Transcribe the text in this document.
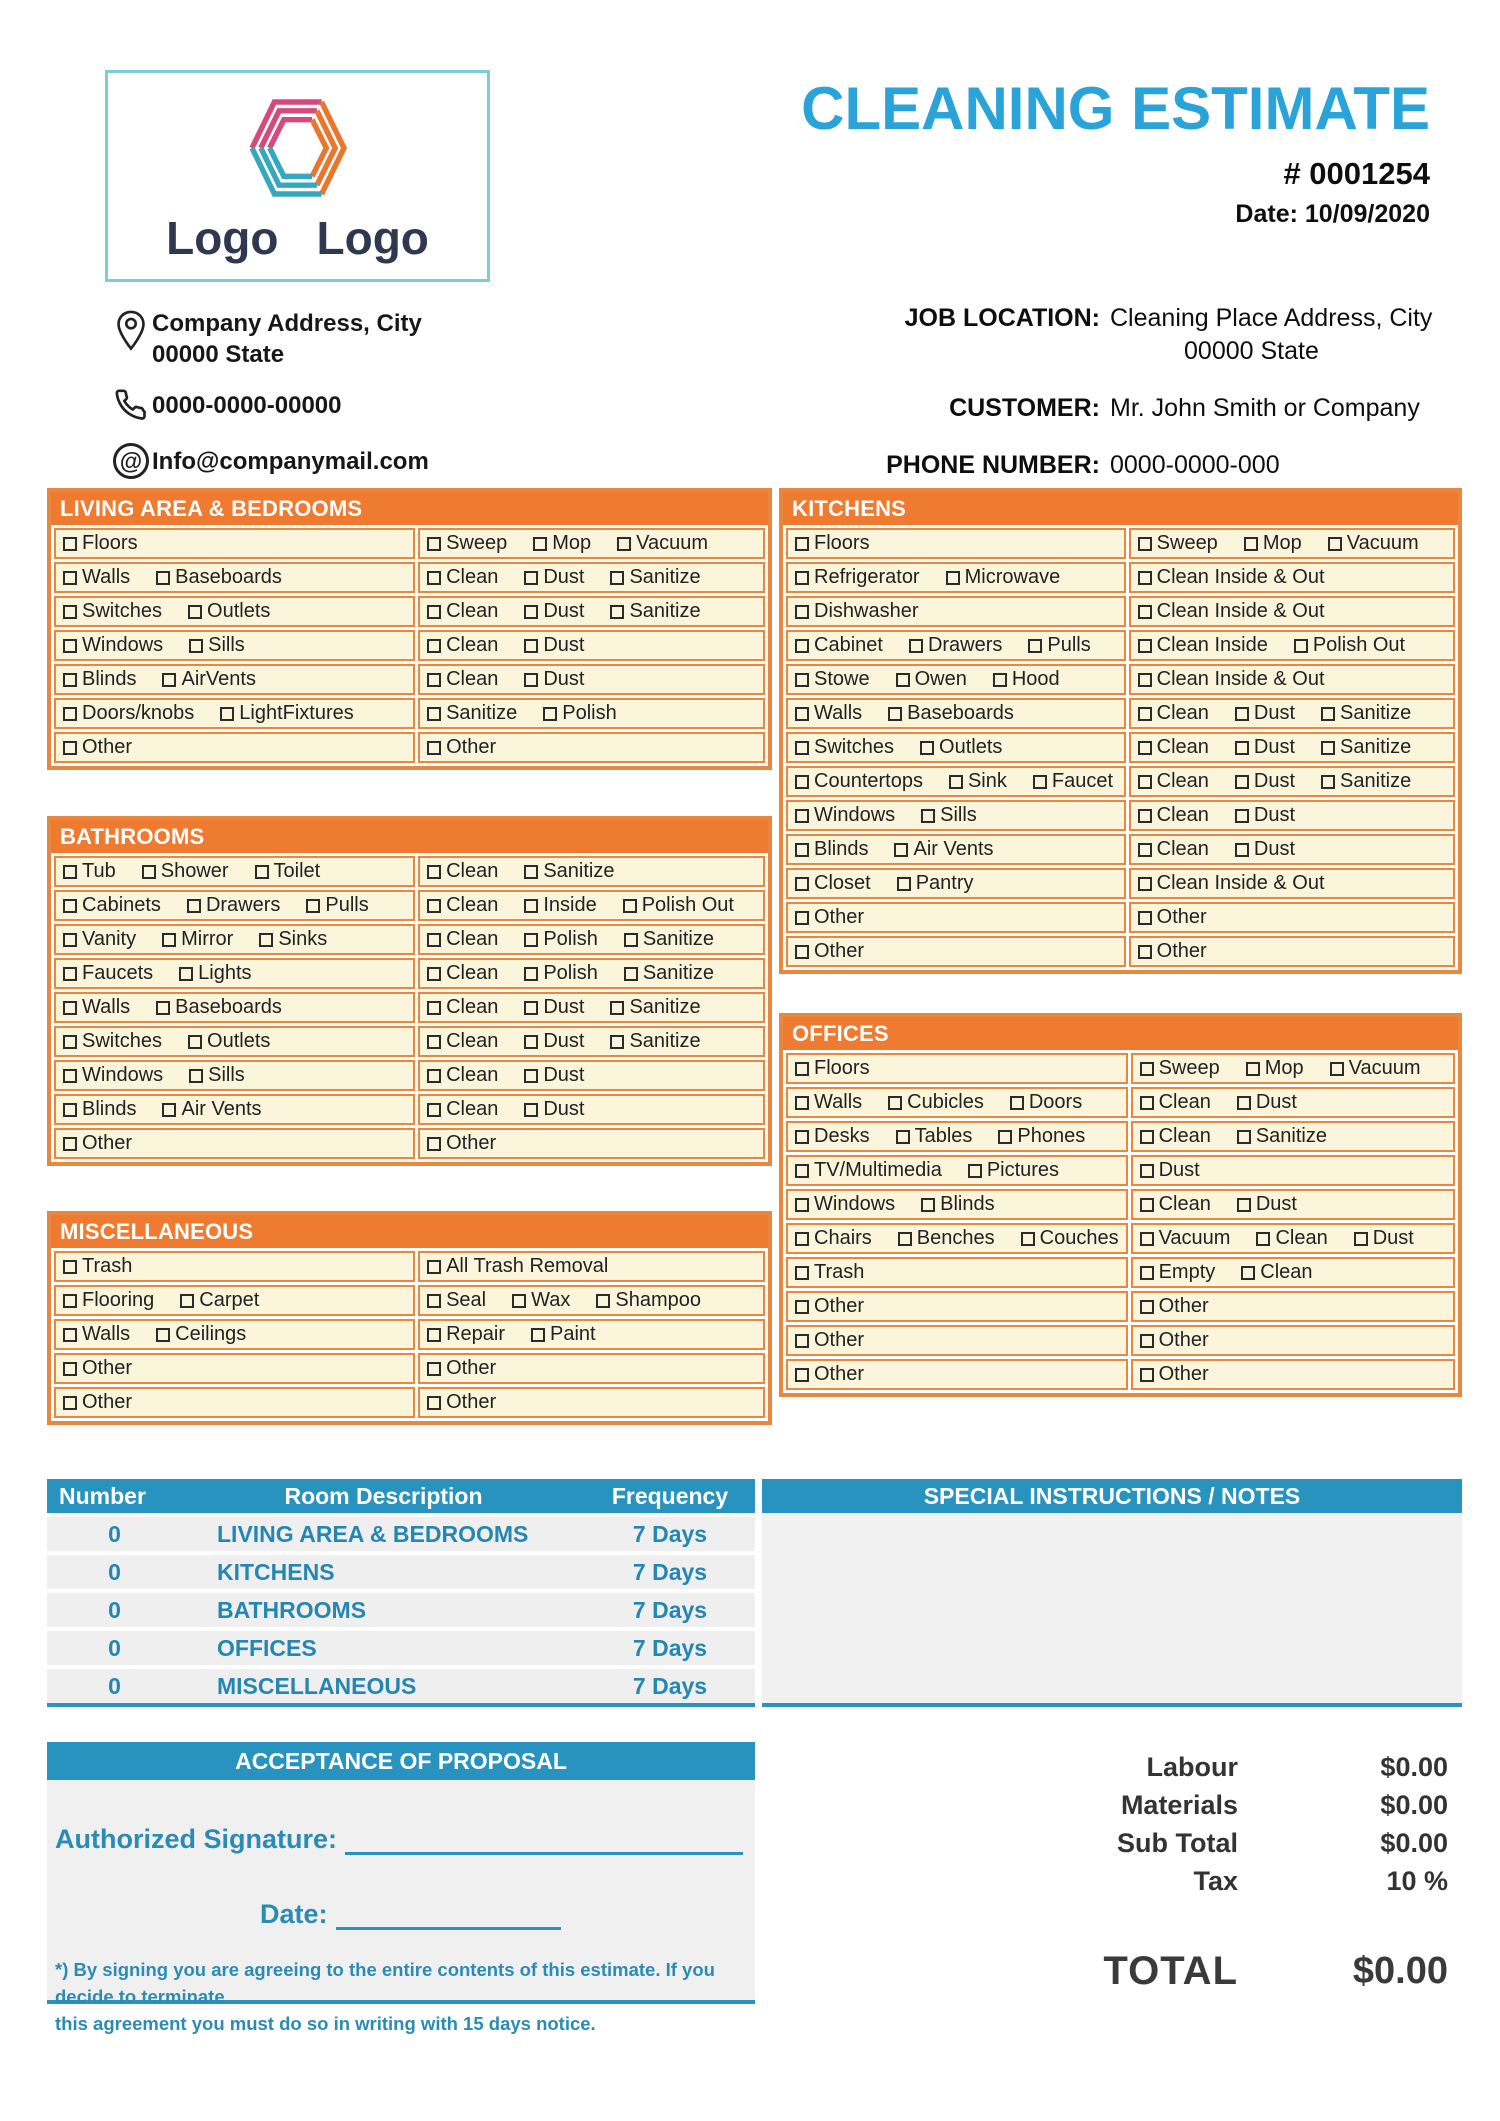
Logo Logo
Company Address, City
00000 State
0000-0000-00000
@ Info@companymail.com
CLEANING ESTIMATE
# 0001254
Date: 10/09/2020
JOB LOCATION: Cleaning Place Address, City
00000 State
CUSTOMER: Mr. John Smith or Company
PHONE NUMBER: 0000-0000-000
LIVING AREA & BEDROOMS
Floors	Sweep Mop Vacuum

Walls Baseboards	Clean Dust Sanitize

Switches Outlets	Clean Dust Sanitize

Windows Sills	Clean Dust

Blinds AirVents	Clean Dust

Doors/knobs LightFixtures	Sanitize Polish

Other	Other
BATHROOMS
Tub Shower Toilet	Clean Sanitize

Cabinets Drawers Pulls	Clean Inside Polish Out

Vanity Mirror Sinks	Clean Polish Sanitize

Faucets Lights	Clean Polish Sanitize

Walls Baseboards	Clean Dust Sanitize

Switches Outlets	Clean Dust Sanitize

Windows Sills	Clean Dust

Blinds Air Vents	Clean Dust

Other	Other
MISCELLANEOUS
Trash	All Trash Removal

Flooring Carpet	Seal Wax Shampoo

Walls Ceilings	Repair Paint

Other	Other

Other	Other
KITCHENS
Floors	Sweep Mop Vacuum

Refrigerator Microwave	Clean Inside & Out

Dishwasher	Clean Inside & Out

Cabinet Drawers Pulls	Clean Inside Polish Out

Stowe Owen Hood	Clean Inside & Out

Walls Baseboards	Clean Dust Sanitize

Switches Outlets	Clean Dust Sanitize

Countertops Sink Faucet	Clean Dust Sanitize

Windows Sills	Clean Dust

Blinds Air Vents	Clean Dust

Closet Pantry	Clean Inside & Out

Other	Other

Other	Other
OFFICES
Floors	Sweep Mop Vacuum

Walls Cubicles Doors	Clean Dust

Desks Tables Phones	Clean Sanitize

TV/Multimedia Pictures	Dust

Windows Blinds	Clean Dust

Chairs Benches Couches	Vacuum Clean Dust

Trash	Empty Clean

Other	Other

Other	Other

Other	Other
Number	Room Description	Frequency
0	LIVING AREA & BEDROOMS	7 Days
0	KITCHENS	7 Days
0	BATHROOMS	7 Days
0	OFFICES	7 Days
0	MISCELLANEOUS	7 Days
SPECIAL INSTRUCTIONS / NOTES
ACCEPTANCE OF PROPOSAL
Authorized Signature:
Date:
*) By signing you are agreeing to the entire contents of this estimate. If you decide to terminate
this agreement you must do so in writing with 15 days notice.
Labour	$0.00
Materials	$0.00
Sub Total	$0.00
Tax	10 %
TOTAL	$0.00
